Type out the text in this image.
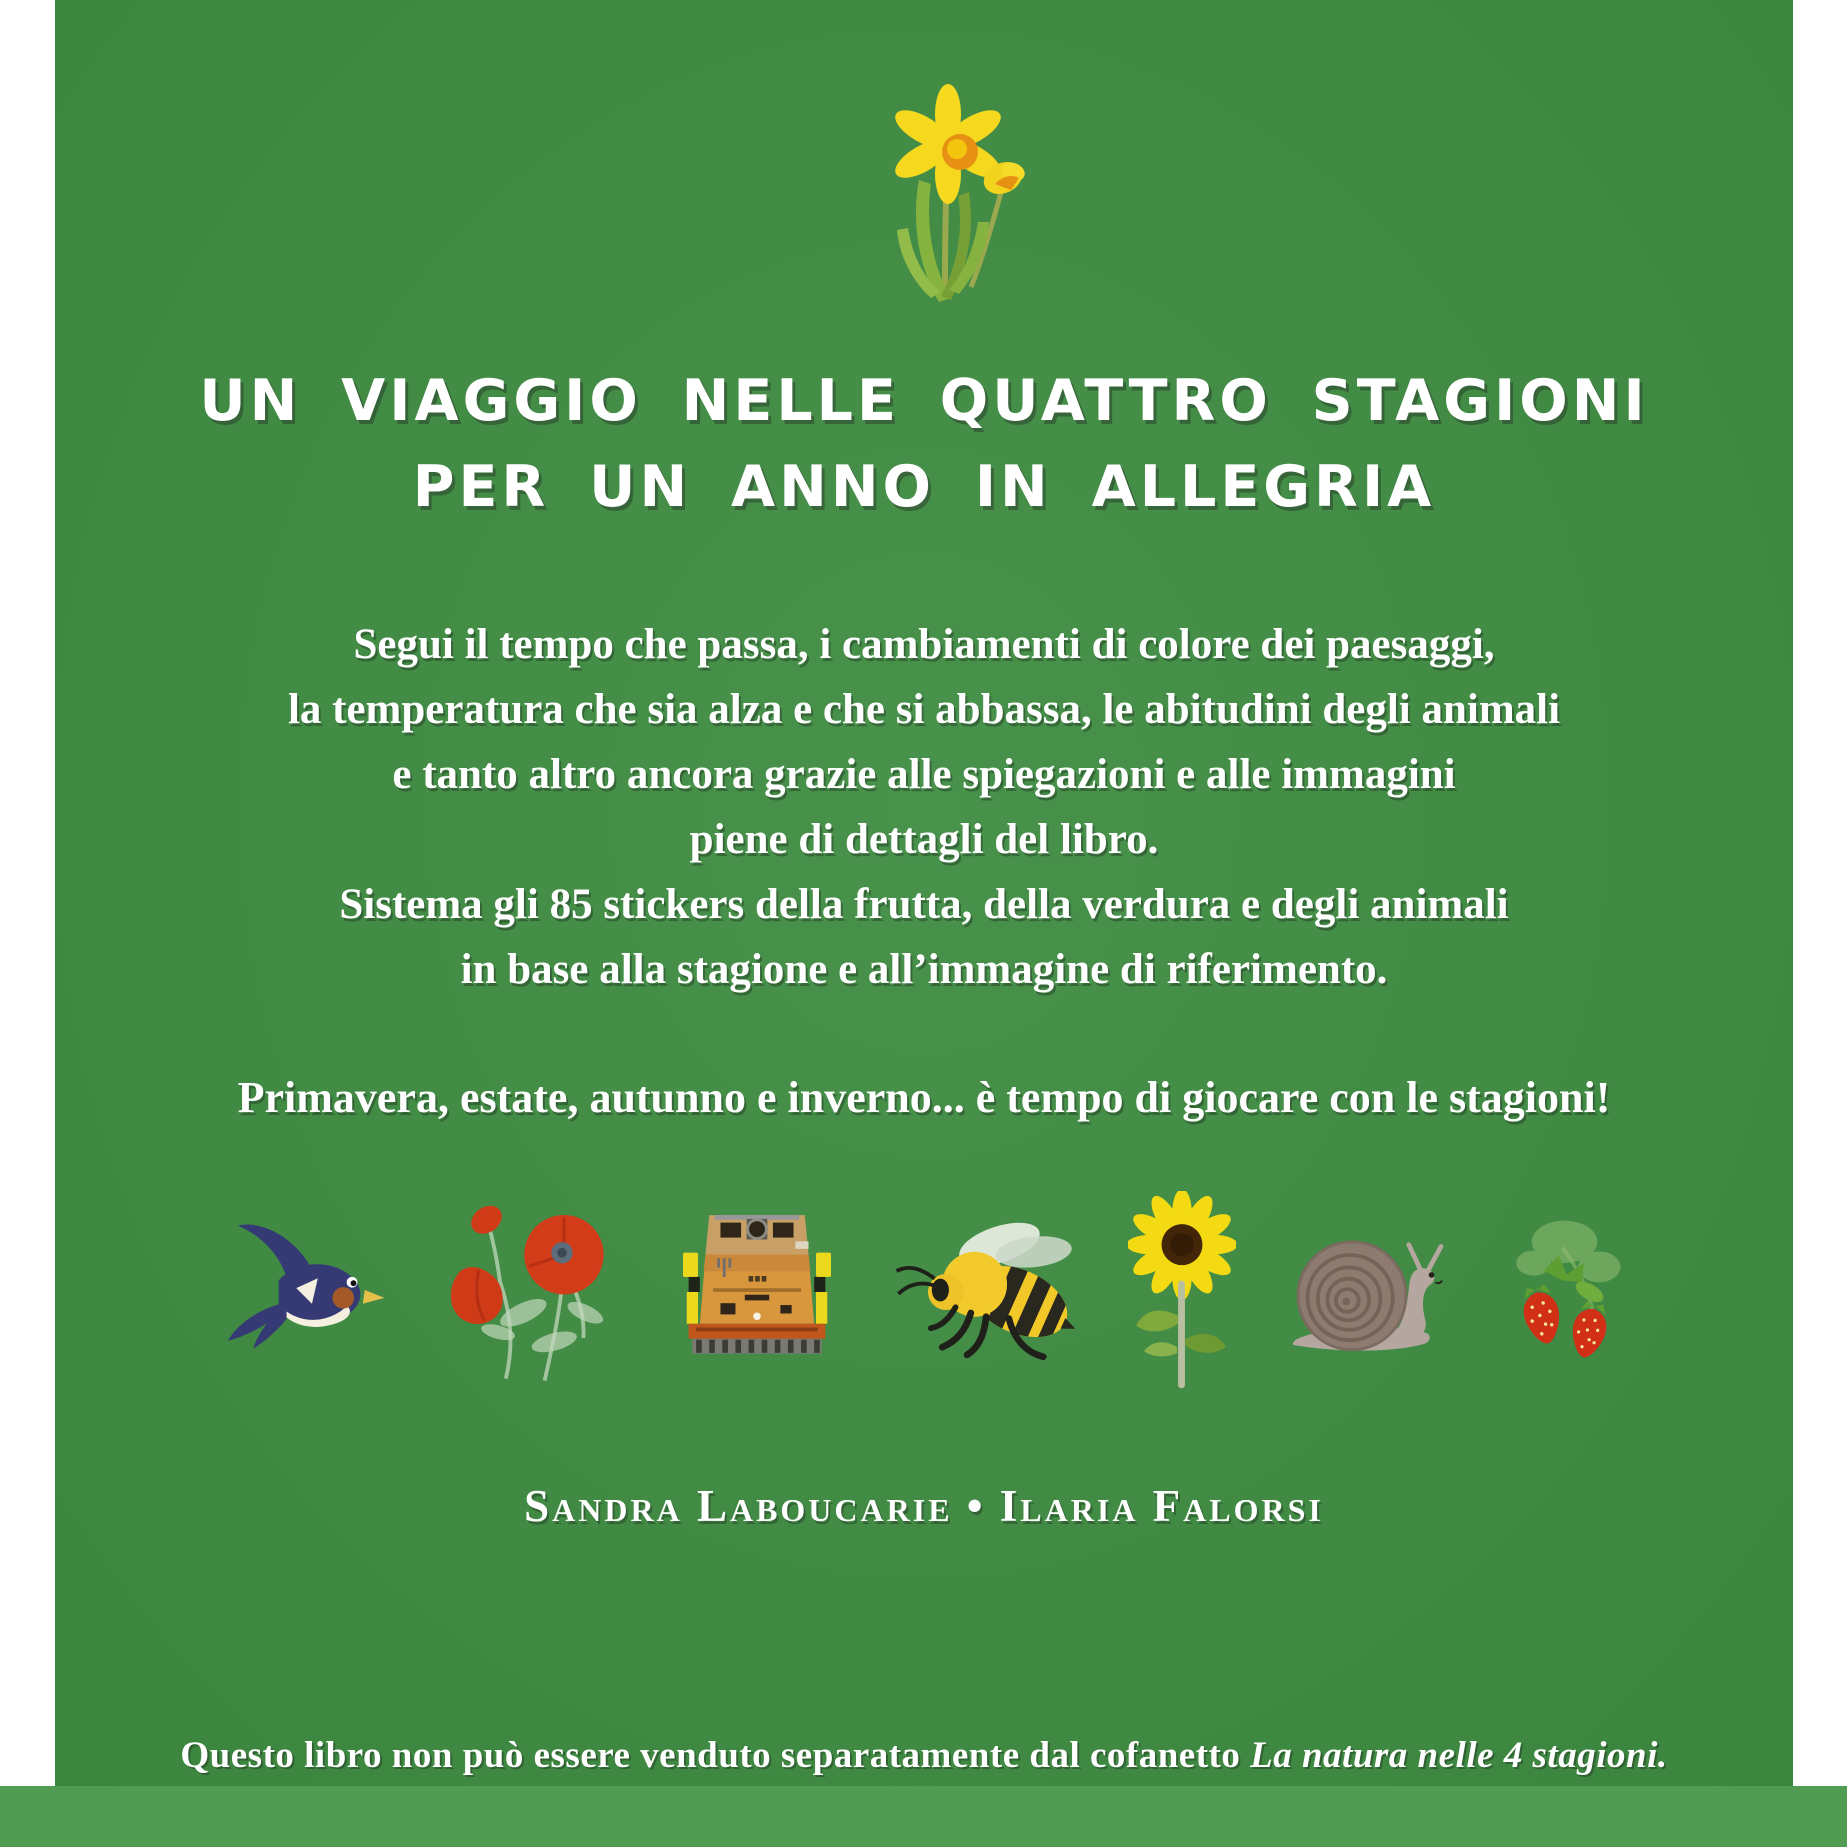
UN VIAGGIO NELLE QUATTRO STAGIONI
PER UN ANNO IN ALLEGRIA
Segui il tempo che passa, i cambiamenti di colore dei paesaggi,
la temperatura che sia alza e che si abbassa, le abitudini degli animali
e tanto altro ancora grazie alle spiegazioni e alle immagini
piene di dettagli del libro.
Sistema gli 85 stickers della frutta, della verdura e degli animali
in base alla stagione e all’immagine di riferimento.
Primavera, estate, autunno e inverno... è tempo di giocare con le stagioni!
Sandra Laboucarie • Ilaria Falorsi
Questo libro non può essere venduto separatamente dal cofanetto La natura nelle 4 stagioni.
